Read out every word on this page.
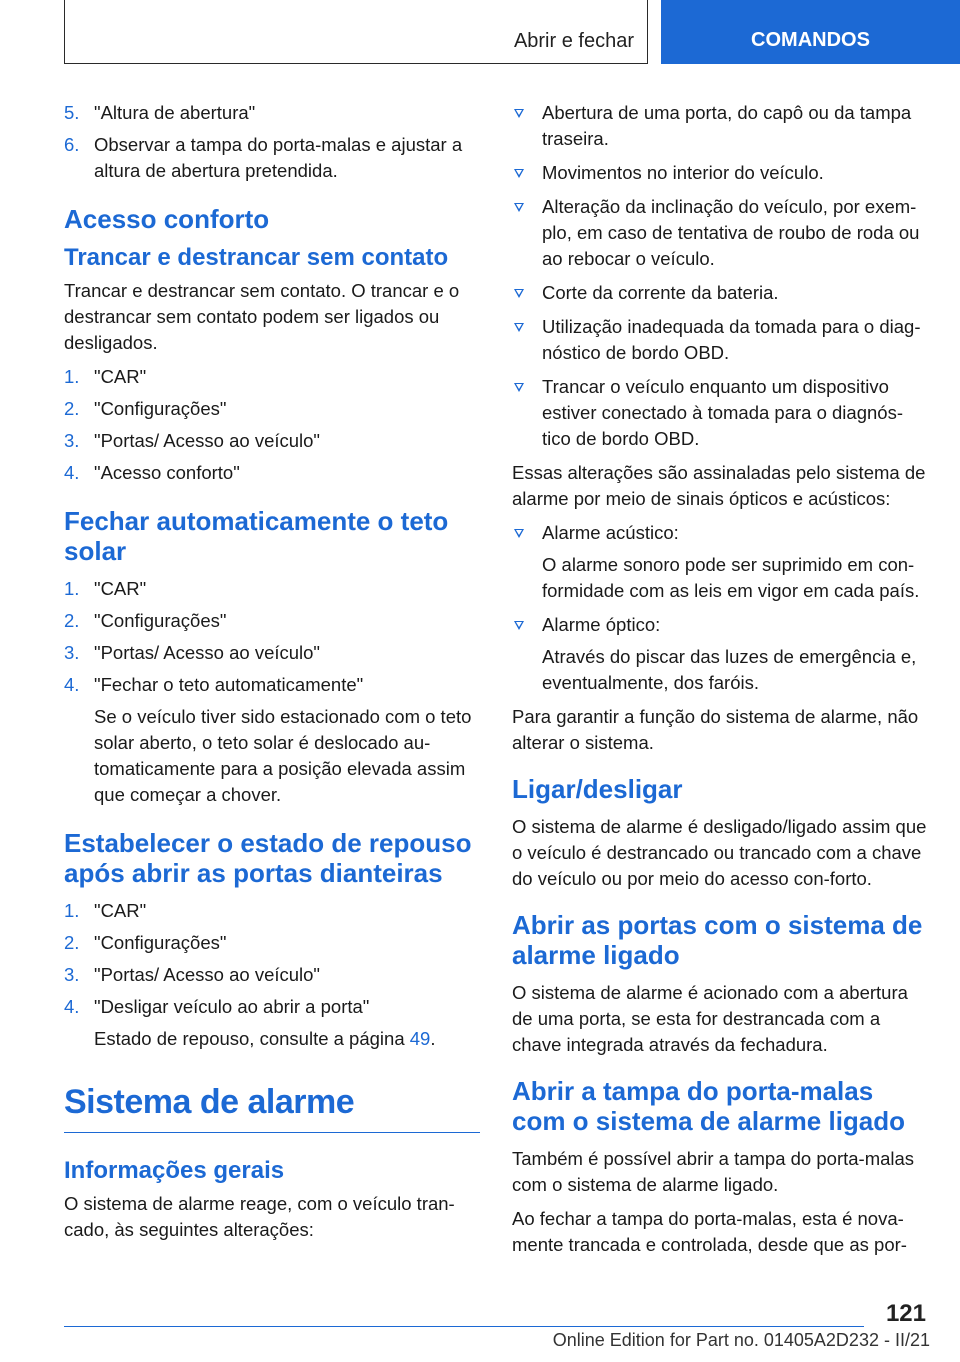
Abrir e fechar	COMANDOS
5. "Altura de abertura"
6. Observar a tampa do porta-malas e ajustar a altura de abertura pretendida.
Acesso conforto
Trancar e destrancar sem contato

Trancar e destrancar sem contato. O trancar e o destrancar sem contato podem ser ligados ou desligados.

1. "CAR"
2. "Configurações"
3. "Portas/ Acesso ao veículo"
4. "Acesso conforto"
Fechar automaticamente o teto solar
1. "CAR"
2. "Configurações"
3. "Portas/ Acesso ao veículo"
4. "Fechar o teto automaticamente"

Se o veículo tiver sido estacionado com o teto solar aberto, o teto solar é deslocado au-tomaticamente para a posição elevada assim que começar a chover.

Estabelecer o estado de repouso após abrir as portas dianteiras
1. "CAR"
2. "Configurações"
3. "Portas/ Acesso ao veículo"
4. "Desligar veículo ao abrir a porta"

Estado de repouso, consulte a página 49.

Sistema de alarme
Informações gerais

O sistema de alarme reage, com o veículo tran-cado, às seguintes alterações:

Abertura de uma porta, do capô ou da tampa traseira.
Movimentos no interior do veículo.
Alteração da inclinação do veículo, por exem-plo, em caso de tentativa de roubo de roda ou ao rebocar o veículo.
Corte da corrente da bateria.
Utilização inadequada da tomada para o diag-nóstico de bordo OBD.
Trancar o veículo enquanto um dispositivo estiver conectado à tomada para o diagnós-tico de bordo OBD.

Essas alterações são assinaladas pelo sistema de alarme por meio de sinais ópticos e acústicos:

Alarme acústico:
O alarme sonoro pode ser suprimido em con-formidade com as leis em vigor em cada país.
Alarme óptico:
Através do piscar das luzes de emergência e, eventualmente, dos faróis.

Para garantir a função do sistema de alarme, não alterar o sistema.

Ligar/desligar

O sistema de alarme é desligado/ligado assim que o veículo é destrancado ou trancado com a chave do veículo ou por meio do acesso con-forto.

Abrir as portas com o sistema de alarme ligado

O sistema de alarme é acionado com a abertura de uma porta, se esta for destrancada com a chave integrada através da fechadura.

Abrir a tampa do porta-malas com o sistema de alarme ligado

Também é possível abrir a tampa do porta-malas com o sistema de alarme ligado.

Ao fechar a tampa do porta-malas, esta é nova-mente trancada e controlada, desde que as por-

121
Online Edition for Part no. 01405A2D232 - II/21
